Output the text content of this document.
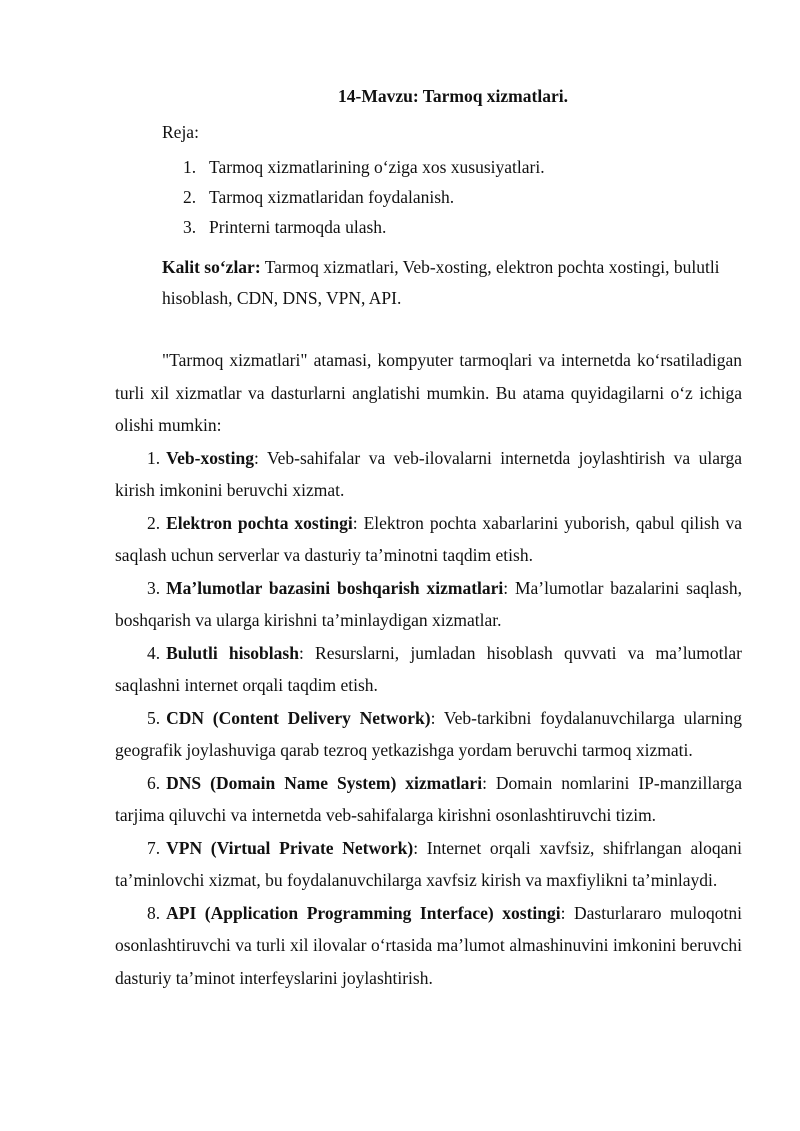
14-Mavzu: Tarmoq xizmatlari.
Reja:
1. Tarmoq xizmatlarining o‘ziga xos xususiyatlari.
2. Tarmoq xizmatlaridan foydalanish.
3. Printerni tarmoqda ulash.
Kalit so‘zlar: Tarmoq xizmatlari, Veb-xosting, elektron pochta xostingi, bulutli hisoblash, CDN, DNS, VPN, API.

"Tarmoq xizmatlari" atamasi, kompyuter tarmoqlari va internetda ko‘rsatiladigan turli xil xizmatlar va dasturlarni anglatishi mumkin. Bu atama quyidagilarni o‘z ichiga olishi mumkin:

1. Veb-xosting: Veb-sahifalar va veb-ilovalarni internetda joylashtirish va ularga kirish imkonini beruvchi xizmat.

2. Elektron pochta xostingi: Elektron pochta xabarlarini yuborish, qabul qilish va saqlash uchun serverlar va dasturiy ta’minotni taqdim etish.

3. Ma’lumotlar bazasini boshqarish xizmatlari: Ma’lumotlar bazalarini saqlash, boshqarish va ularga kirishni ta’minlaydigan xizmatlar.

4. Bulutli hisoblash: Resurslarni, jumladan hisoblash quvvati va ma’lumotlar saqlashni internet orqali taqdim etish.

5. CDN (Content Delivery Network): Veb-tarkibni foydalanuvchilarga ularning geografik joylashuviga qarab tezroq yetkazishga yordam beruvchi tarmoq xizmati.

6. DNS (Domain Name System) xizmatlari: Domain nomlarini IP-manzillarga tarjima qiluvchi va internetda veb-sahifalarga kirishni osonlashtiruvchi tizim.

7. VPN (Virtual Private Network): Internet orqali xavfsiz, shifrlangan aloqani ta’minlovchi xizmat, bu foydalanuvchilarga xavfsiz kirish va maxfiylikni ta’minlaydi.

8. API (Application Programming Interface) xostingi: Dasturlararo muloqotni osonlashtiruvchi va turli xil ilovalar o‘rtasida ma’lumot almashinuvini imkonini beruvchi dasturiy ta’minot interfeyslarini joylashtirish.
